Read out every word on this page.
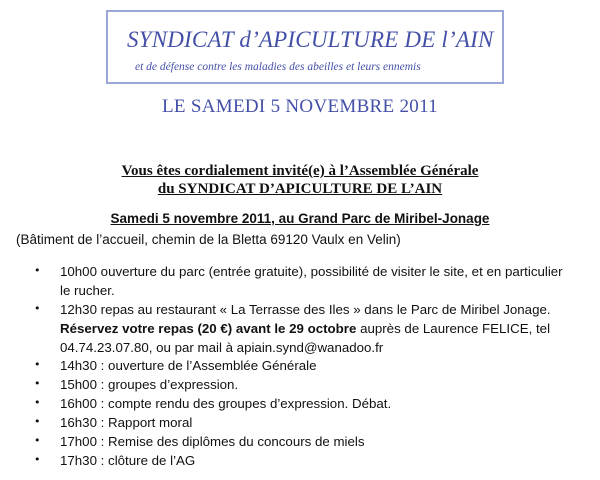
SYNDICAT d’APICULTURE DE l’AIN
et de défense contre les maladies des abeilles et leurs ennemis
LE SAMEDI 5 NOVEMBRE 2011
Vous êtes cordialement invité(e) à l’Assemblée Générale
du SYNDICAT D’APICULTURE DE L’AIN
Samedi 5 novembre 2011, au Grand Parc de Miribel-Jonage
(Bâtiment de l’accueil, chemin de la Bletta 69120 Vaulx en Velin)
• 10h00 ouverture du parc (entrée gratuite), possibilité de visiter le site, et en particulier
le rucher.
• 12h30 repas au restaurant « La Terrasse des Iles » dans le Parc de Miribel Jonage.
Réservez votre repas (20 €) avant le 29 octobre auprès de Laurence FELICE, tel
04.74.23.07.80, ou par mail à apiain.synd@wanadoo.fr
• 14h30 : ouverture de l’Assemblée Générale
• 15h00 : groupes d’expression.
• 16h00 : compte rendu des groupes d’expression. Débat.
• 16h30 : Rapport moral
• 17h00 : Remise des diplômes du concours de miels
• 17h30 : clôture de l’AG
